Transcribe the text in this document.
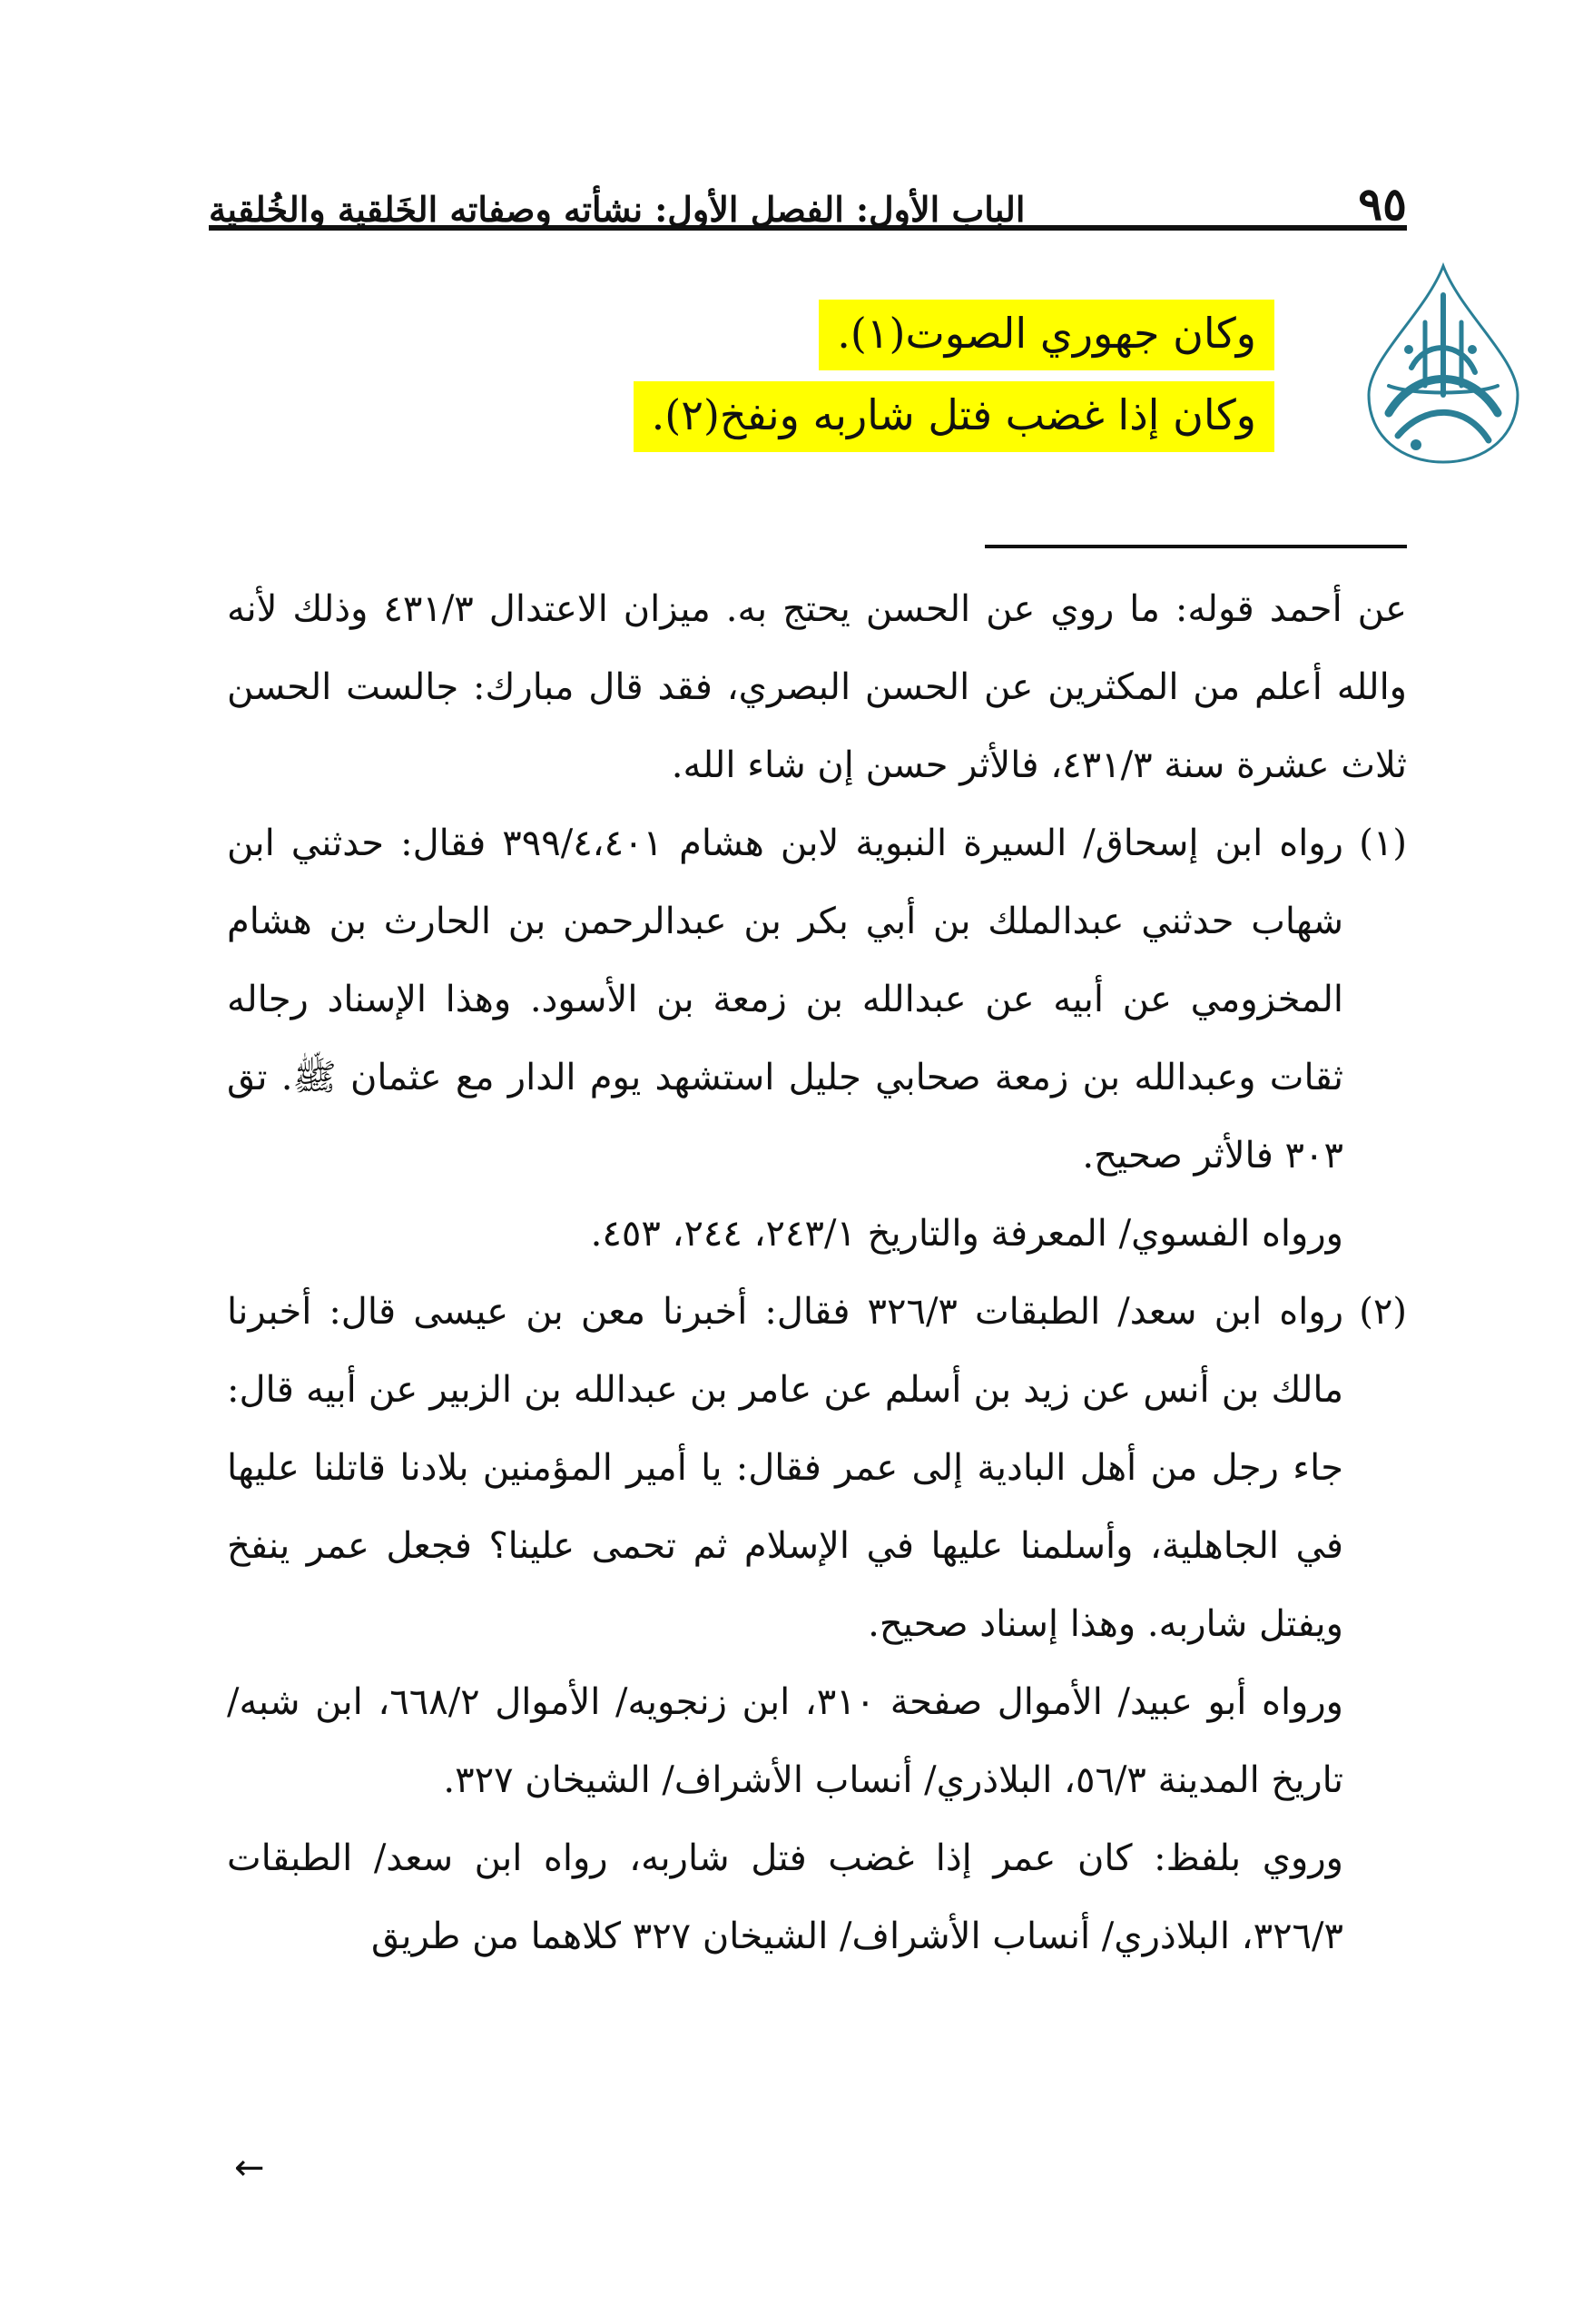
٩٥
الباب الأول: الفصل الأول: نشأته وصفاته الخَلقية والخُلقية
وكان جهوري الصوت(١).
وكان إذا غضب فتل شاربه ونفخ(٢).

عن أحمد قوله: ما روي عن الحسن يحتج به. ميزان الاعتدال ٤٣١/٣ وذلك لأنه والله أعلم من المكثرين عن الحسن البصري، فقد قال مبارك: جالست الحسن ثلاث عشرة سنة ٤٣١/٣، فالأثر حسن إن شاء الله.

(١)
رواه ابن إسحاق/ السيرة النبوية لابن هشام ٣٩٩/٤،٤٠١ فقال: حدثني ابن شهاب حدثني عبدالملك بن أبي بكر بن عبدالرحمن بن الحارث بن هشام المخزومي عن أبيه عن عبدالله بن زمعة بن الأسود. وهذا الإسناد رجاله ثقات وعبدالله بن زمعة صحابي جليل استشهد يوم الدار مع عثمان ﷺ. تق ٣٠٣ فالأثر صحيح.

ورواه الفسوي/ المعرفة والتاريخ ٢٤٣/١، ٢٤٤، ٤٥٣.

(٢)
رواه ابن سعد/ الطبقات ٣٢٦/٣ فقال: أخبرنا معن بن عيسى قال: أخبرنا مالك بن أنس عن زيد بن أسلم عن عامر بن عبدالله بن الزبير عن أبيه قال: جاء رجل من أهل البادية إلى عمر فقال: يا أمير المؤمنين بلادنا قاتلنا عليها في الجاهلية، وأسلمنا عليها في الإسلام ثم تحمى علينا؟ فجعل عمر ينفخ ويفتل شاربه. وهذا إسناد صحيح.

ورواه أبو عبيد/ الأموال صفحة ٣١٠، ابن زنجويه/ الأموال ٦٦٨/٢، ابن شبه/ تاريخ المدينة ٥٦/٣، البلاذري/ أنساب الأشراف/ الشيخان ٣٢٧.

وروي بلفظ: كان عمر إذا غضب فتل شاربه، رواه ابن سعد/ الطبقات ٣٢٦/٣، البلاذري/ أنساب الأشراف/ الشيخان ٣٢٧ كلاهما من طريق

←
